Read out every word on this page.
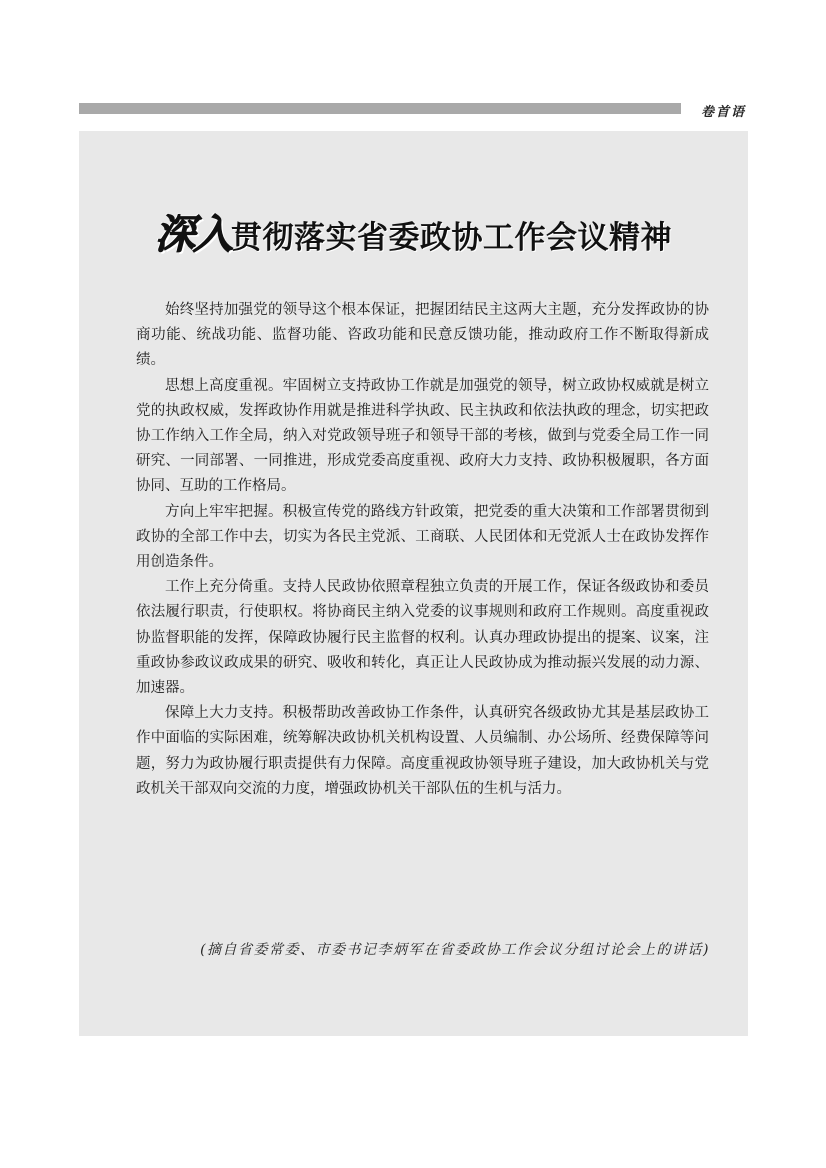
卷首语
深入贯彻落实省委政协工作会议精神

始终坚持加强党的领导这个根本保证，把握团结民主这两大主题，充分发挥政协的协商功能、统战功能、监督功能、咨政功能和民意反馈功能，推动政府工作不断取得新成绩。

思想上高度重视。牢固树立支持政协工作就是加强党的领导，树立政协权威就是树立党的执政权威，发挥政协作用就是推进科学执政、民主执政和依法执政的理念，切实把政协工作纳入工作全局，纳入对党政领导班子和领导干部的考核，做到与党委全局工作一同研究、一同部署、一同推进，形成党委高度重视、政府大力支持、政协积极履职，各方面协同、互助的工作格局。

方向上牢牢把握。积极宣传党的路线方针政策，把党委的重大决策和工作部署贯彻到政协的全部工作中去，切实为各民主党派、工商联、人民团体和无党派人士在政协发挥作用创造条件。

工作上充分倚重。支持人民政协依照章程独立负责的开展工作，保证各级政协和委员依法履行职责，行使职权。将协商民主纳入党委的议事规则和政府工作规则。高度重视政协监督职能的发挥，保障政协履行民主监督的权利。认真办理政协提出的提案、议案，注重政协参政议政成果的研究、吸收和转化，真正让人民政协成为推动振兴发展的动力源、加速器。

保障上大力支持。积极帮助改善政协工作条件，认真研究各级政协尤其是基层政协工作中面临的实际困难，统筹解决政协机关机构设置、人员编制、办公场所、经费保障等问题，努力为政协履行职责提供有力保障。高度重视政协领导班子建设，加大政协机关与党政机关干部双向交流的力度，增强政协机关干部队伍的生机与活力。

(摘自省委常委、市委书记李炳军在省委政协工作会议分组讨论会上的讲话)
